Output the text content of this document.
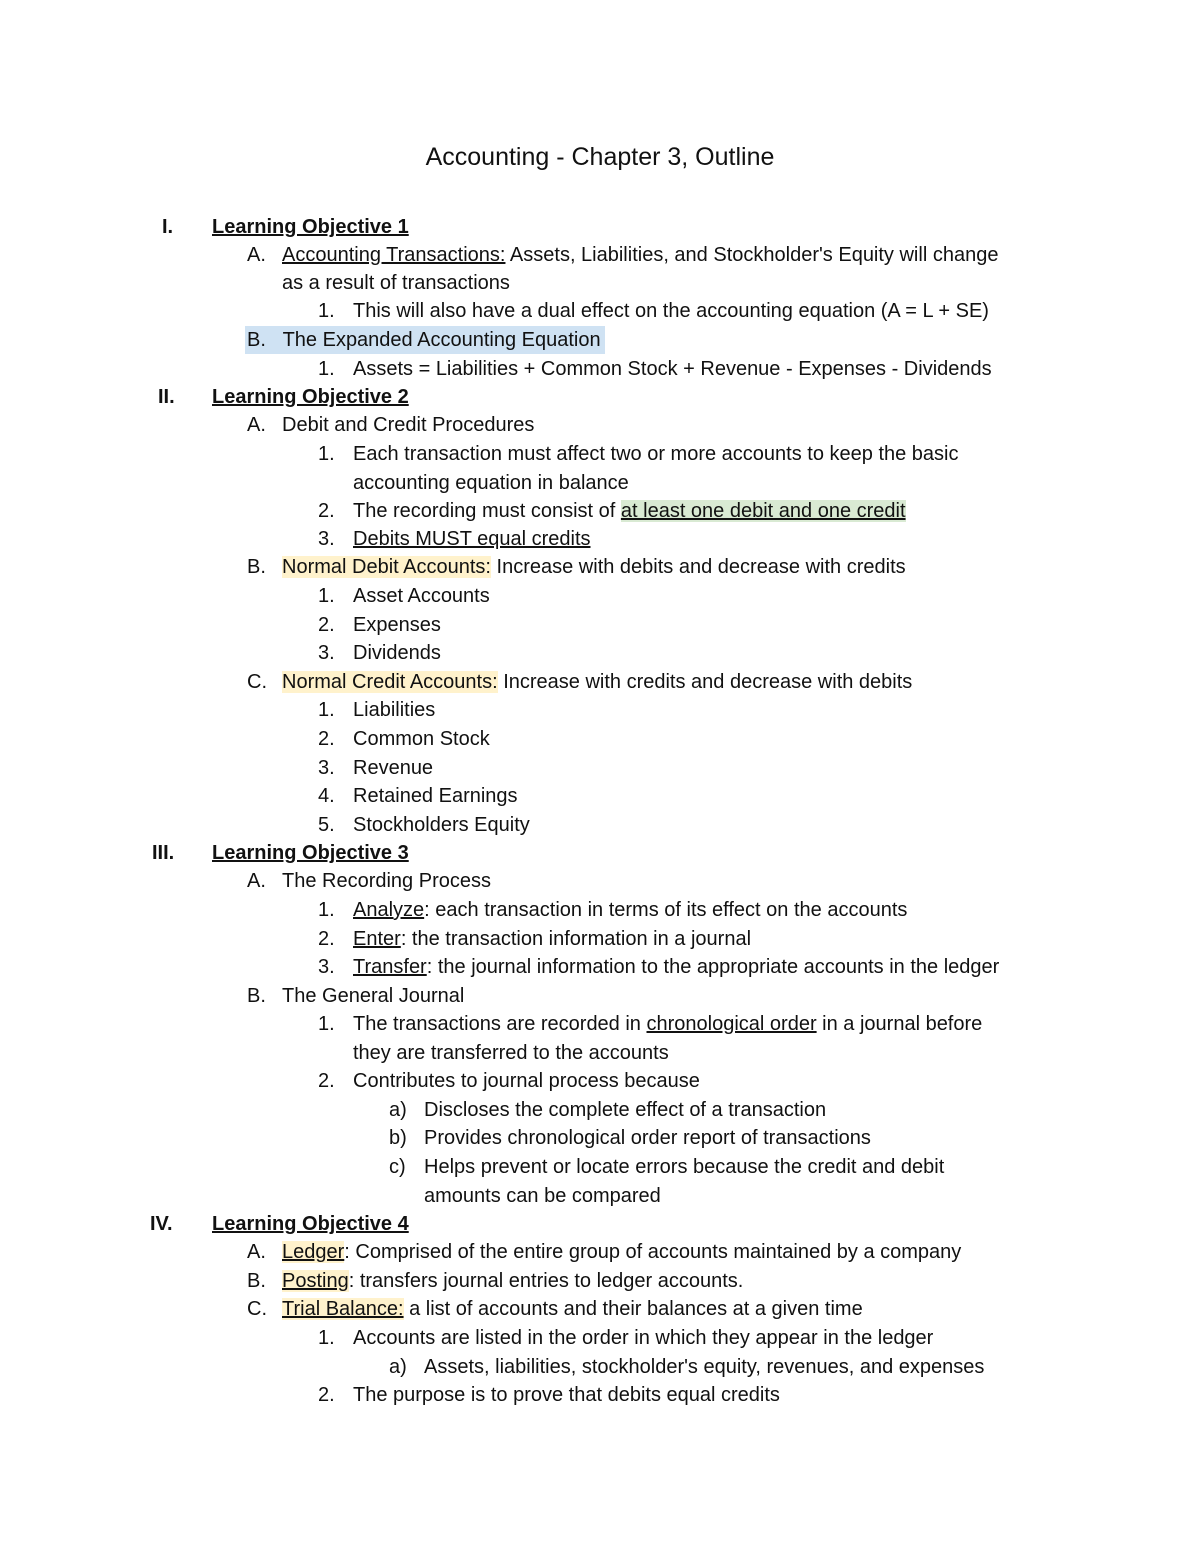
Accounting - Chapter 3, Outline
I. Learning Objective 1
A. Accounting Transactions: Assets, Liabilities, and Stockholder's Equity will change
as a result of transactions
1. This will also have a dual effect on the accounting equation (A = L + SE)
B. The Expanded Accounting Equation
1. Assets = Liabilities + Common Stock + Revenue - Expenses - Dividends
II. Learning Objective 2
A. Debit and Credit Procedures
1. Each transaction must affect two or more accounts to keep the basic
accounting equation in balance
2. The recording must consist of at least one debit and one credit
3. Debits MUST equal credits
B. Normal Debit Accounts: Increase with debits and decrease with credits
1. Asset Accounts
2. Expenses
3. Dividends
C. Normal Credit Accounts: Increase with credits and decrease with debits
1. Liabilities
2. Common Stock
3. Revenue
4. Retained Earnings
5. Stockholders Equity
III. Learning Objective 3
A. The Recording Process
1. Analyze: each transaction in terms of its effect on the accounts
2. Enter: the transaction information in a journal
3. Transfer: the journal information to the appropriate accounts in the ledger
B. The General Journal
1. The transactions are recorded in chronological order in a journal before
they are transferred to the accounts
2. Contributes to journal process because
a) Discloses the complete effect of a transaction
b) Provides chronological order report of transactions
c) Helps prevent or locate errors because the credit and debit
amounts can be compared
IV. Learning Objective 4
A. Ledger: Comprised of the entire group of accounts maintained by a company
B. Posting: transfers journal entries to ledger accounts.
C. Trial Balance: a list of accounts and their balances at a given time
1. Accounts are listed in the order in which they appear in the ledger
a) Assets, liabilities, stockholder's equity, revenues, and expenses
2. The purpose is to prove that debits equal credits
